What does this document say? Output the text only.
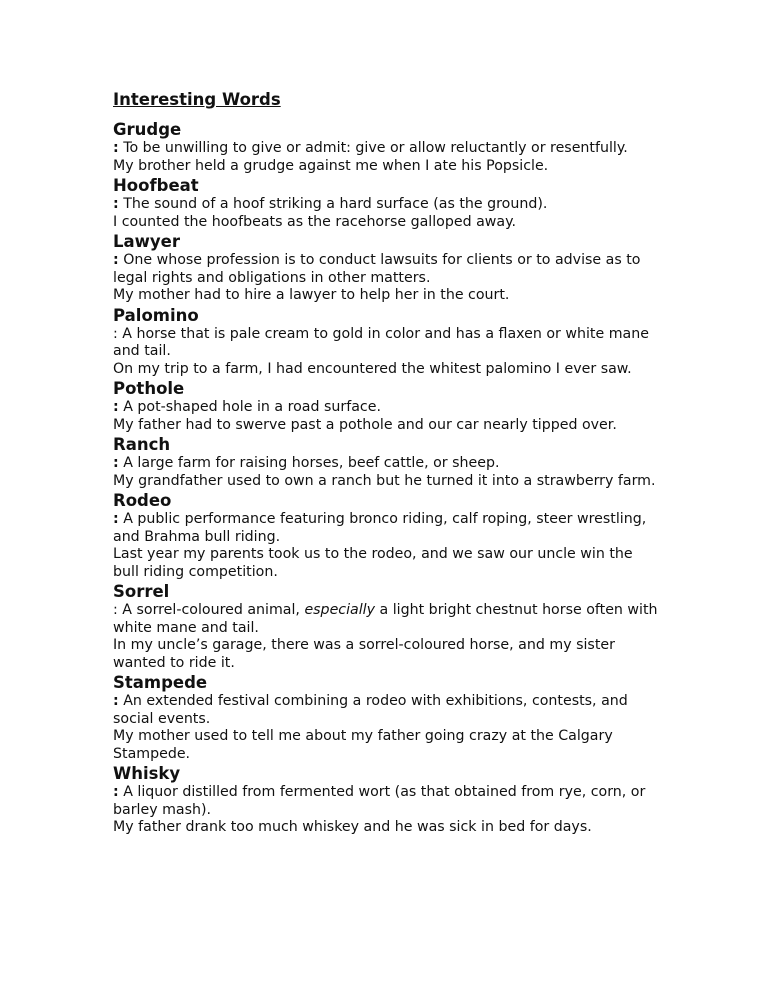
Interesting Words
Grudge
: To be unwilling to give or admit: give or allow reluctantly or resentfully.
My brother held a grudge against me when I ate his Popsicle.
Hoofbeat
: The sound of a hoof striking a hard surface (as the ground).
I counted the hoofbeats as the racehorse galloped away.
Lawyer
: One whose profession is to conduct lawsuits for clients or to advise as to legal rights and obligations in other matters.
My mother had to hire a lawyer to help her in the court.
Palomino
: A horse that is pale cream to gold in color and has a flaxen or white mane and tail.
On my trip to a farm, I had encountered the whitest palomino I ever saw.
Pothole
: A pot-shaped hole in a road surface.
My father had to swerve past a pothole and our car nearly tipped over.
Ranch
: A large farm for raising horses, beef cattle, or sheep.
My grandfather used to own a ranch but he turned it into a strawberry farm.
Rodeo
: A public performance featuring bronco riding, calf roping, steer wrestling, and Brahma bull riding.
Last year my parents took us to the rodeo, and we saw our uncle win the bull riding competition.
Sorrel
: A sorrel-coloured animal, especially a light bright chestnut horse often with white mane and tail.
In my uncle’s garage, there was a sorrel-coloured horse, and my sister wanted to ride it.
Stampede
: An extended festival combining a rodeo with exhibitions, contests, and social events.
My mother used to tell me about my father going crazy at the Calgary Stampede.
Whisky
: A liquor distilled from fermented wort (as that obtained from rye, corn, or barley mash).
My father drank too much whiskey and he was sick in bed for days.
